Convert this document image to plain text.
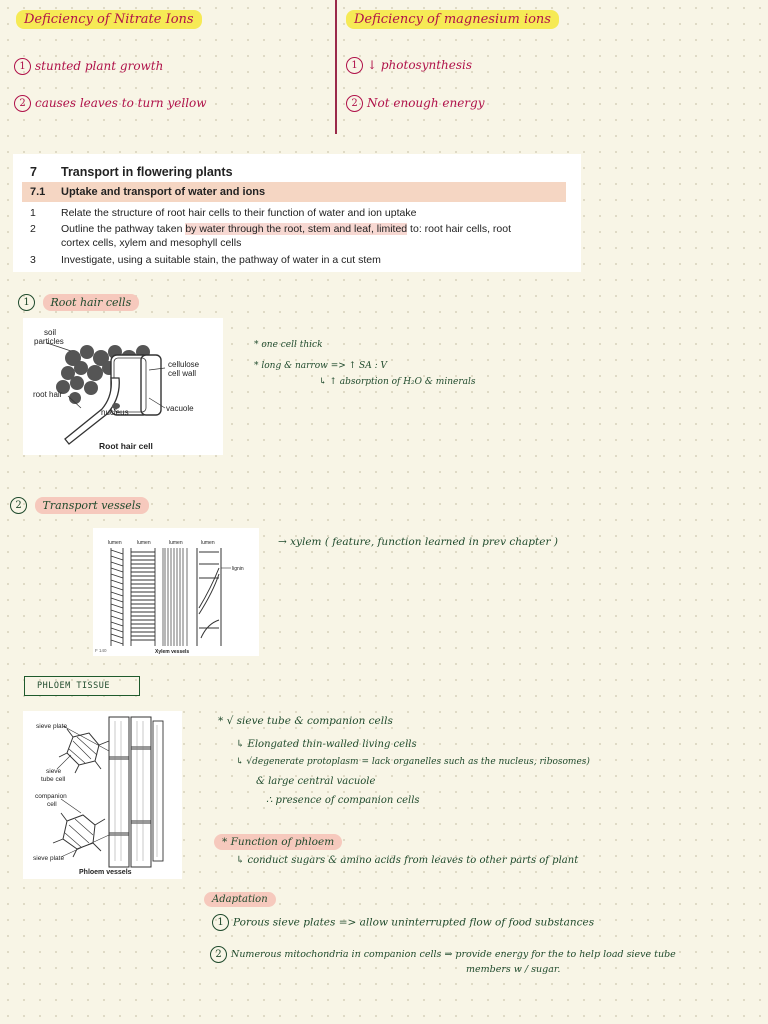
Deficiency of Nitrate Ions
1 stunted plant growth
2 causes leaves to turn yellow
Deficiency of magnesium ions
1 ↓ photosynthesis
2 Not enough energy
7 Transport in flowering plants
7.1 Uptake and transport of water and ions
1 Relate the structure of root hair cells to their function of water and ion uptake
2 Outline the pathway taken by water through the root, stem and leaf, limited to: root hair cells, root
cortex cells, xylem and mesophyll cells
3 Investigate, using a suitable stain, the pathway of water in a cut stem
1 Root hair cells
soil
particles
cellulose
cell wall
root hair
nucleus	vacuole
Root hair cell
* one cell thick
* long & narrow => ↑ SA : V
↳ ↑ absorption of H₂O & minerals
2 Transport vessels
lumen	lumen	lumen	lumen
lignin
F 140	Xylem vessels
→ xylem ( feature, function learned in prev chapter )
PHLOEM TISSUE
sieve plate
sieve
tube cell
companion
cell
sieve plate
Phloem vessels
* √ sieve tube & companion cells
↳ Elongated thin-walled living cells
↳ √degenerate protoplasm = lack organelles such as the nucleus, ribosomes)
& large central vacuole
∴ presence of companion cells
* Function of phloem
↳ conduct sugars & amino acids from leaves to other parts of plant
Adaptation
1 Porous sieve plates => allow uninterrupted flow of food substances
2 Numerous mitochondria in companion cells ⇒ provide energy for the to help load sieve tube
members w / sugar.
